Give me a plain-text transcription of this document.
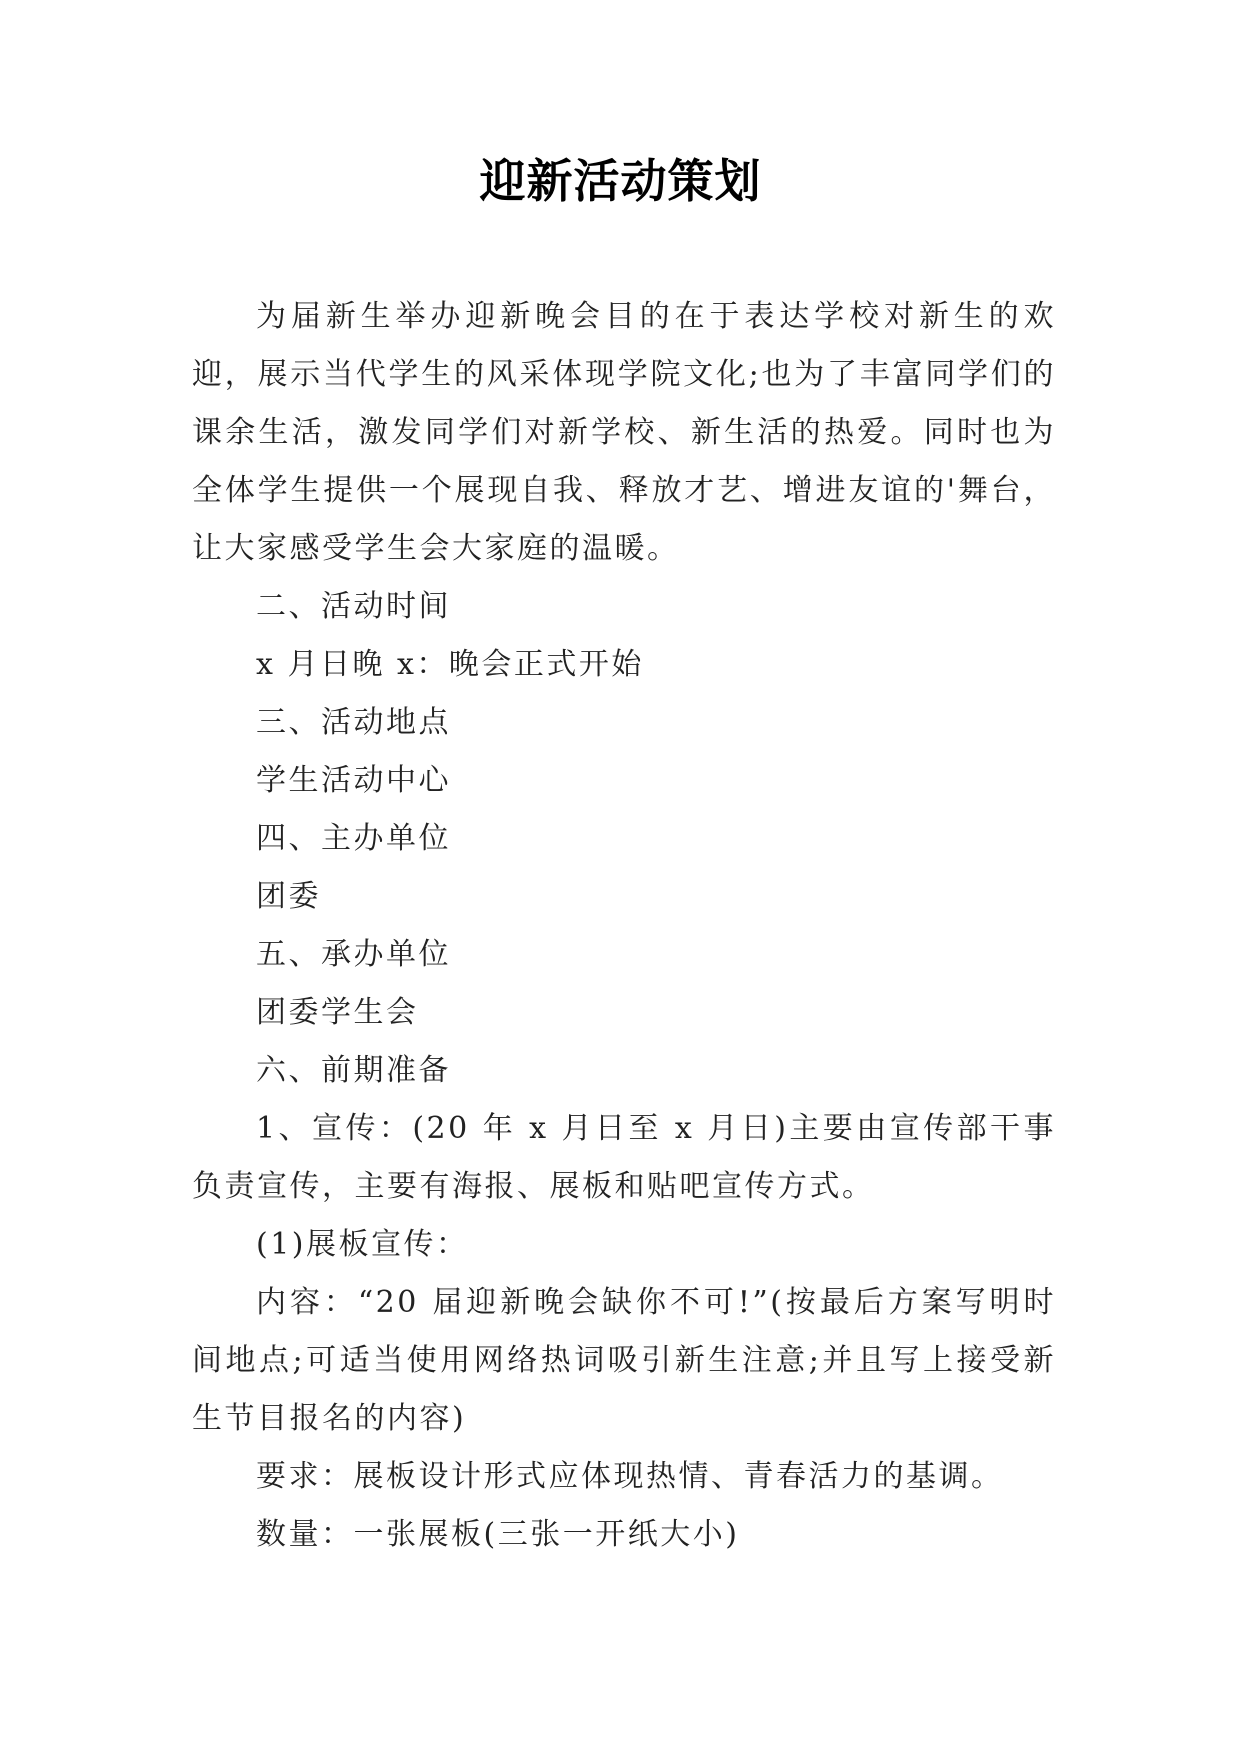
迎新活动策划

为届新生举办迎新晚会目的在于表达学校对新生的欢迎，展示当代学生的风采体现学院文化;也为了丰富同学们的课余生活，激发同学们对新学校、新生活的热爱。同时也为全体学生提供一个展现自我、释放才艺、增进友谊的'舞台，让大家感受学生会大家庭的温暖。

二、活动时间

x 月日晚 x：晚会正式开始

三、活动地点

学生活动中心

四、主办单位

团委

五、承办单位

团委学生会

六、前期准备

1、宣传：(20 年 x 月日至 x 月日)主要由宣传部干事负责宣传，主要有海报、展板和贴吧宣传方式。

(1)展板宣传：

内容：“20 届迎新晚会缺你不可!”(按最后方案写明时间地点;可适当使用网络热词吸引新生注意;并且写上接受新生节目报名的内容)

要求：展板设计形式应体现热情、青春活力的基调。

数量：一张展板(三张一开纸大小)
